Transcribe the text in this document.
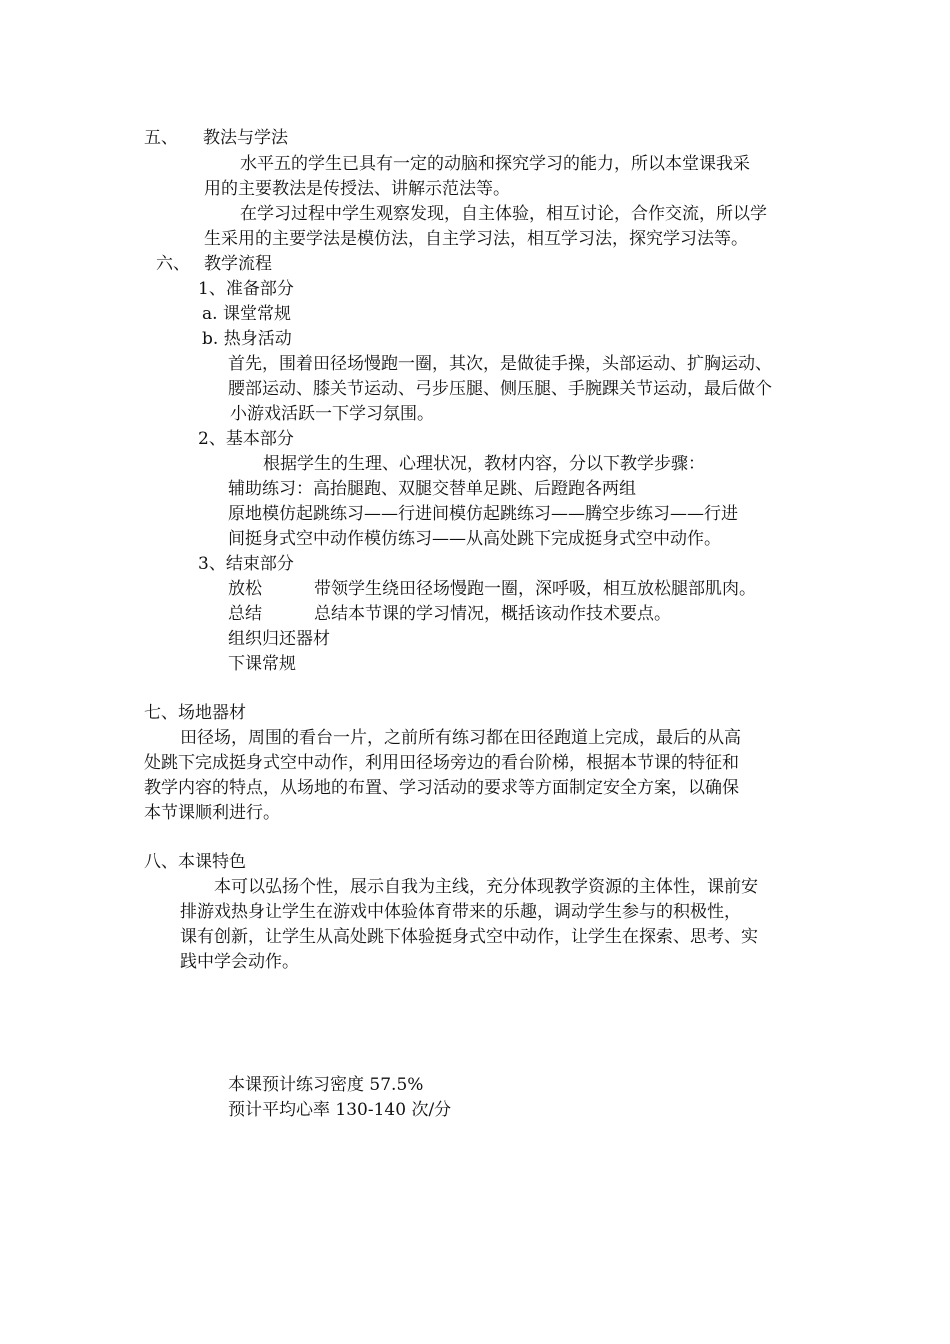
五、 教法与学法
水平五的学生已具有一定的动脑和探究学习的能力，所以本堂课我采
用的主要教法是传授法、讲解示范法等。
在学习过程中学生观察发现，自主体验，相互讨论，合作交流，所以学
生采用的主要学法是模仿法，自主学习法，相互学习法，探究学习法等。
六、 教学流程
1、准备部分
a. 课堂常规
b. 热身活动
首先，围着田径场慢跑一圈，其次，是做徒手操，头部运动、扩胸运动、
腰部运动、膝关节运动、弓步压腿、侧压腿、手腕踝关节运动，最后做个
小游戏活跃一下学习氛围。
2、基本部分
根据学生的生理、心理状况，教材内容，分以下教学步骤：
辅助练习：高抬腿跑、双腿交替单足跳、后蹬跑各两组
原地模仿起跳练习——行进间模仿起跳练习——腾空步练习——行进
间挺身式空中动作模仿练习——从高处跳下完成挺身式空中动作。
3、结束部分
放松	带领学生绕田径场慢跑一圈，深呼吸，相互放松腿部肌肉。
总结	总结本节课的学习情况，概括该动作技术要点。
组织归还器材
下课常规
七、场地器材
田径场，周围的看台一片，之前所有练习都在田径跑道上完成，最后的从高
处跳下完成挺身式空中动作，利用田径场旁边的看台阶梯，根据本节课的特征和
教学内容的特点，从场地的布置、学习活动的要求等方面制定安全方案，以确保
本节课顺利进行。
八、本课特色
本可以弘扬个性，展示自我为主线，充分体现教学资源的主体性，课前安
排游戏热身让学生在游戏中体验体育带来的乐趣，调动学生参与的积极性，
课有创新，让学生从高处跳下体验挺身式空中动作，让学生在探索、思考、实
践中学会动作。
本课预计练习密度 57.5%
预计平均心率 130-140 次/分
